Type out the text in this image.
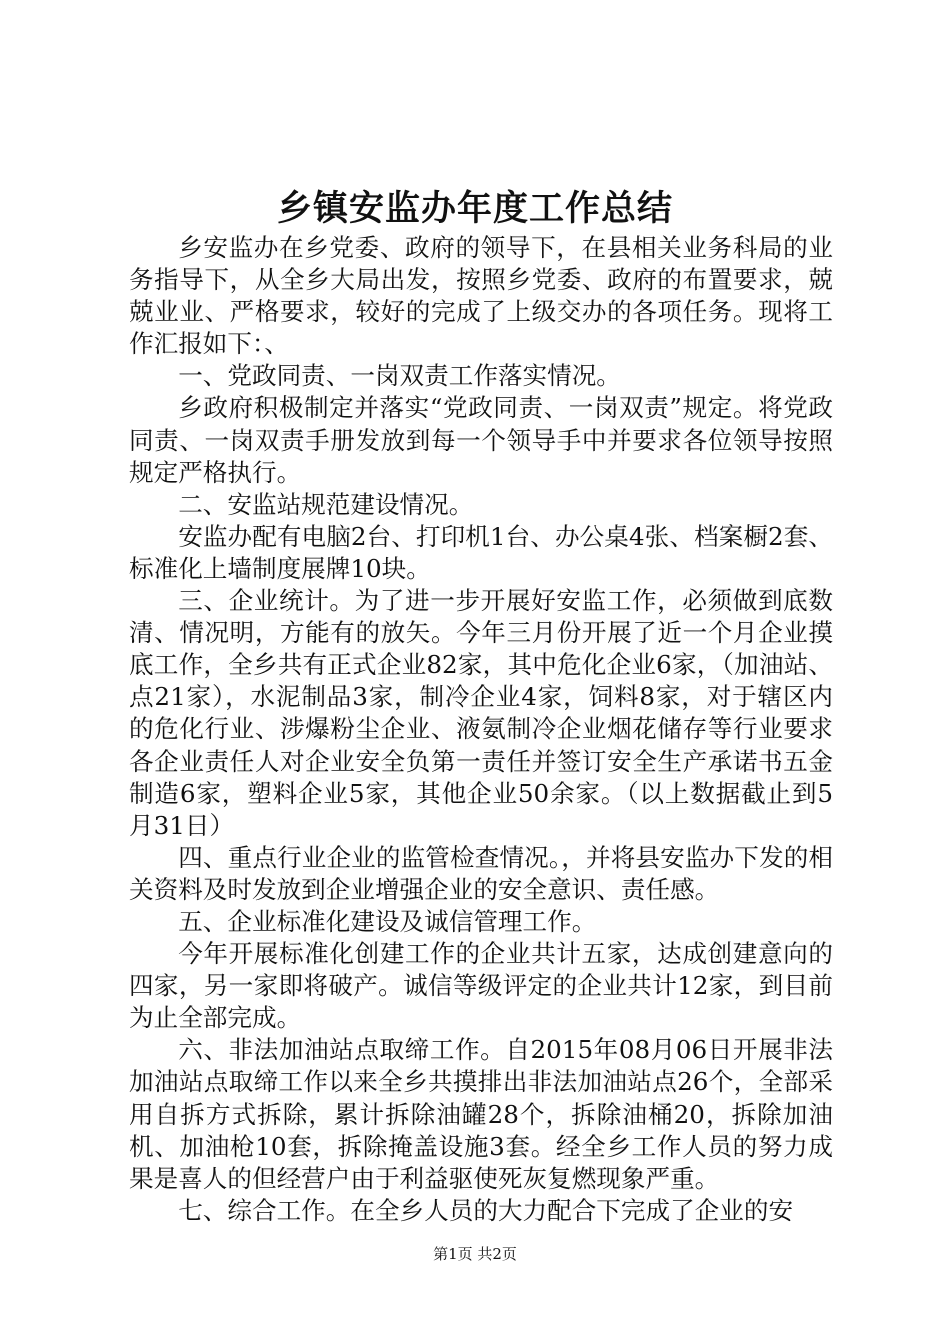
乡镇安监办年度工作总结

乡安监办在乡党委、政府的领导下，在县相关业务科局的业务指导下，从全乡大局出发，按照乡党委、政府的布置要求，兢兢业业、严格要求，较好的完成了上级交办的各项任务。现将工作汇报如下：、

一、党政同责、一岗双责工作落实情况。

乡政府积极制定并落实“党政同责、一岗双责”规定。将党政同责、一岗双责手册发放到每一个领导手中并要求各位领导按照规定严格执行。

二、安监站规范建设情况。

安监办配有电脑2台、打印机1台、办公桌4张、档案橱2套、标准化上墙制度展牌10块。

三、企业统计。为了进一步开展好安监工作，必须做到底数清、情况明，方能有的放矢。今年三月份开展了近一个月企业摸底工作，全乡共有正式企业82家，其中危化企业6家，（加油站、点21家），水泥制品3家，制冷企业4家，饲料8家，对于辖区内的危化行业、涉爆粉尘企业、液氨制冷企业烟花储存等行业要求各企业责任人对企业安全负第一责任并签订安全生产承诺书五金制造6家，塑料企业5家，其他企业50余家。（以上数据截止到5月31日）

四、重点行业企业的监管检查情况。，并将县安监办下发的相关资料及时发放到企业增强企业的安全意识、责任感。

五、企业标准化建设及诚信管理工作。

今年开展标准化创建工作的企业共计五家，达成创建意向的四家，另一家即将破产。诚信等级评定的企业共计12家，到目前为止全部完成。

六、非法加油站点取缔工作。自2015年08月06日开展非法加油站点取缔工作以来全乡共摸排出非法加油站点26个，全部采用自拆方式拆除，累计拆除油罐28个，拆除油桶20，拆除加油机、加油枪10套，拆除掩盖设施3套。经全乡工作人员的努力成果是喜人的但经营户由于利益驱使死灰复燃现象严重。

七、综合工作。在全乡人员的大力配合下完成了企业的安

第1页 共2页
